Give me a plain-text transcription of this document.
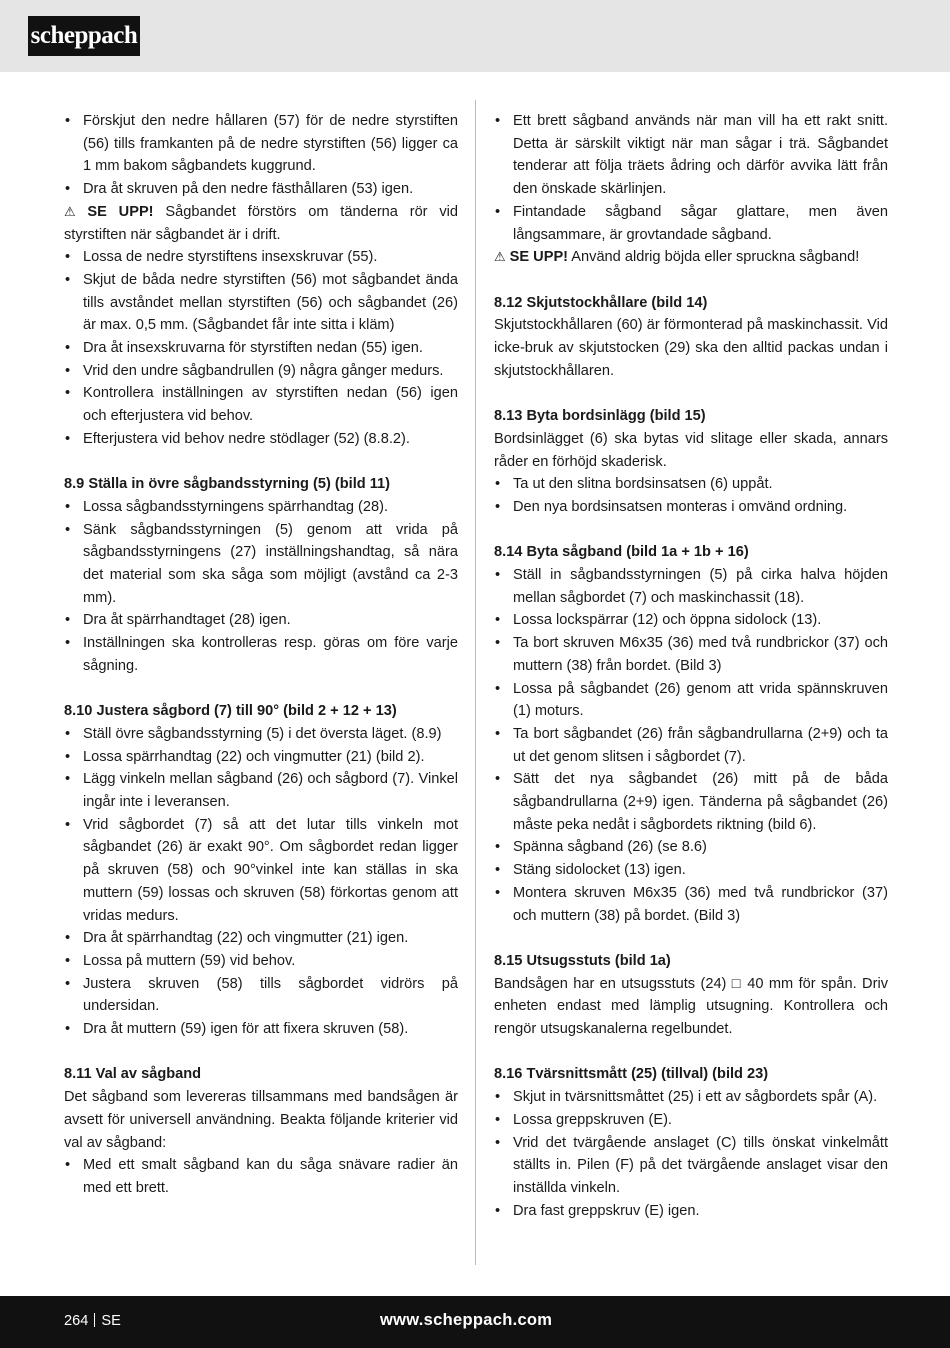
scheppach
• Förskjut den nedre hållaren (57) för de nedre styrstiften (56) tills framkanten på de nedre styrstiften (56) ligger ca 1 mm bakom sågbandets kuggrund.
• Dra åt skruven på den nedre fästhållaren (53) igen.

⚠ SE UPP! Sågbandet förstörs om tänderna rör vid styrstiften när sågbandet är i drift.

• Lossa de nedre styrstiftens insexskruvar (55).
• Skjut de båda nedre styrstiften (56) mot sågbandet ända tills avståndet mellan styrstiften (56) och sågbandet (26) är max. 0,5 mm. (Sågbandet får inte sitta i kläm)
• Dra åt insexskruvarna för styrstiften nedan (55) igen.
• Vrid den undre sågbandrullen (9) några gånger medurs.
• Kontrollera inställningen av styrstiften nedan (56) igen och efterjustera vid behov.
• Efterjustera vid behov nedre stödlager (52) (8.8.2).
8.9 Ställa in övre sågbandsstyrning (5) (bild 11)
• Lossa sågbandsstyrningens spärrhandtag (28).
• Sänk sågbandsstyrningen (5) genom att vrida på sågbandsstyrningens (27) inställningshandtag, så nära det material som ska såga som möjligt (avstånd ca 2-3 mm).
• Dra åt spärrhandtaget (28) igen.
• Inställningen ska kontrolleras resp. göras om före varje sågning.
8.10 Justera sågbord (7) till 90° (bild 2 + 12 + 13)
• Ställ övre sågbandsstyrning (5) i det översta läget. (8.9)
• Lossa spärrhandtag (22) och vingmutter (21) (bild 2).
• Lägg vinkeln mellan sågband (26) och sågbord (7). Vinkel ingår inte i leveransen.
• Vrid sågbordet (7) så att det lutar tills vinkeln mot sågbandet (26) är exakt 90°. Om sågbordet redan ligger på skruven (58) och 90°vinkel inte kan ställas in ska muttern (59) lossas och skruven (58) förkortas genom att vridas medurs.
• Dra åt spärrhandtag (22) och vingmutter (21) igen.
• Lossa på muttern (59) vid behov.
• Justera skruven (58) tills sågbordet vidrörs på undersidan.
• Dra åt muttern (59) igen för att fixera skruven (58).
8.11 Val av sågband

Det sågband som levereras tillsammans med bandsågen är avsett för universell användning. Beakta följande kriterier vid val av sågband:

• Med ett smalt sågband kan du såga snävare radier än med ett brett.
• Ett brett sågband används när man vill ha ett rakt snitt. Detta är särskilt viktigt när man sågar i trä. Sågbandet tenderar att följa träets ådring och därför avvika lätt från den önskade skärlinjen.
• Fintandade sågband sågar glattare, men även långsammare, är grovtandade sågband.

⚠ SE UPP! Använd aldrig böjda eller spruckna sågband!

8.12 Skjutstockhållare (bild 14)

Skjutstockhållaren (60) är förmonterad på maskinchassit. Vid icke-bruk av skjutstocken (29) ska den alltid packas undan i skjutstockhållaren.

8.13 Byta bordsinlägg (bild 15)

Bordsinlägget (6) ska bytas vid slitage eller skada, annars råder en förhöjd skaderisk.

• Ta ut den slitna bordsinsatsen (6) uppåt.
• Den nya bordsinsatsen monteras i omvänd ordning.
8.14 Byta sågband (bild 1a + 1b + 16)
• Ställ in sågbandsstyrningen (5) på cirka halva höjden mellan sågbordet (7) och maskinchassit (18).
• Lossa lockspärrar (12) och öppna sidolock (13).
• Ta bort skruven M6x35 (36) med två rundbrickor (37) och muttern (38) från bordet. (Bild 3)
• Lossa på sågbandet (26) genom att vrida spännskruven (1) moturs.
• Ta bort sågbandet (26) från sågbandrullarna (2+9) och ta ut det genom slitsen i sågbordet (7).
• Sätt det nya sågbandet (26) mitt på de båda sågbandrullarna (2+9) igen. Tänderna på sågbandet (26) måste peka nedåt i sågbordets riktning (bild 6).
• Spänna sågband (26) (se 8.6)
• Stäng sidolocket (13) igen.
• Montera skruven M6x35 (36) med två rundbrickor (37) och muttern (38) på bordet. (Bild 3)
8.15 Utsugsstuts (bild 1a)

Bandsågen har en utsugsstuts (24) □ 40 mm för spån. Driv enheten endast med lämplig utsugning. Kontrollera och rengör utsugskanalerna regelbundet.

8.16 Tvärsnittsmått (25) (tillval) (bild 23)
• Skjut in tvärsnittsmåttet (25) i ett av sågbordets spår (A).
• Lossa greppskruven (E).
• Vrid det tvärgående anslaget (C) tills önskat vinkelmått ställts in. Pilen (F) på det tvärgående anslaget visar den inställda vinkeln.
• Dra fast greppskruv (E) igen.
264 SE	www.scheppach.com
